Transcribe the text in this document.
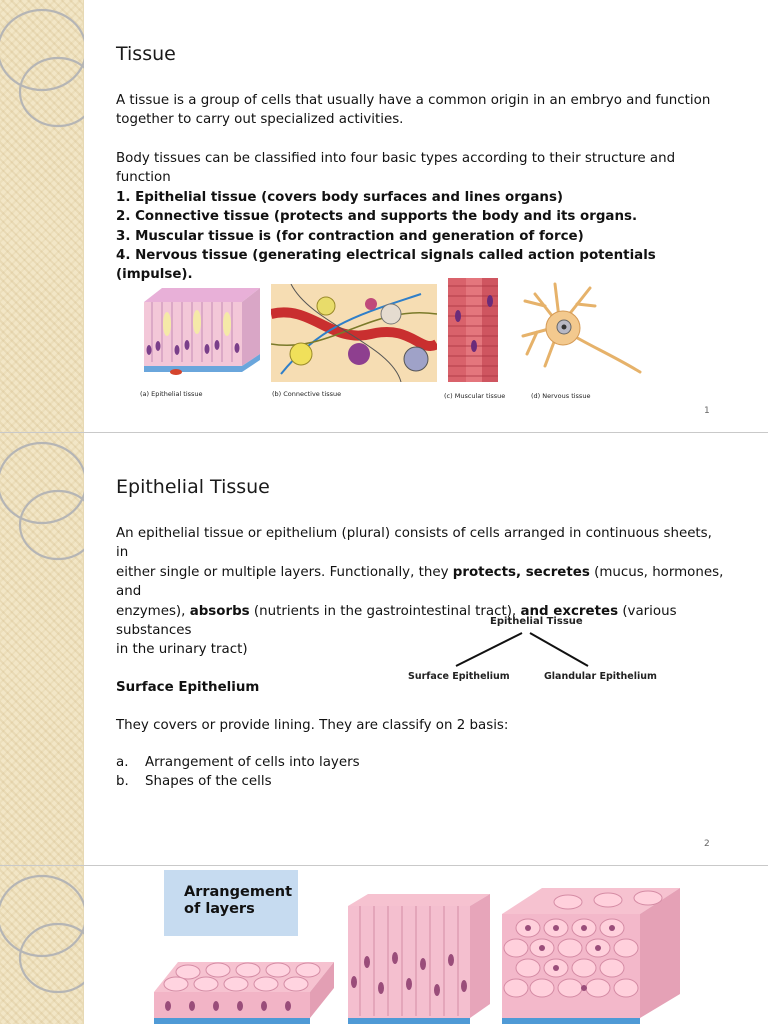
Tissue
A tissue is a group of cells that usually have a common origin in an embryo and function
together to carry out specialized activities.
Body tissues can be classified into four basic types according to their structure and function
1. Epithelial tissue (covers body surfaces and lines organs)
2. Connective tissue (protects and supports the body and its organs.
3. Muscular tissue is (for contraction and generation of force)
4. Nervous tissue (generating electrical signals called action potentials
(impulse).
(a) Epithelial tissue	(b) Connective tissue	(c) Muscular tissue	(d) Nervous tissue
1
Epithelial Tissue
An epithelial tissue or epithelium (plural) consists of cells arranged in continuous sheets, in
either single or multiple layers. Functionally, they protects, secretes (mucus, hormones, and
enzymes), absorbs (nutrients in the gastrointestinal tract), and excretes (various substances
in the urinary tract)
Epithelial Tissue
Surface Epithelium	Glandular Epithelium
Surface Epithelium
They covers or provide lining. They are classify on 2 basis:
a. Arrangement of cells into layers
b. Shapes of the cells
2
Arrangement
of layers
